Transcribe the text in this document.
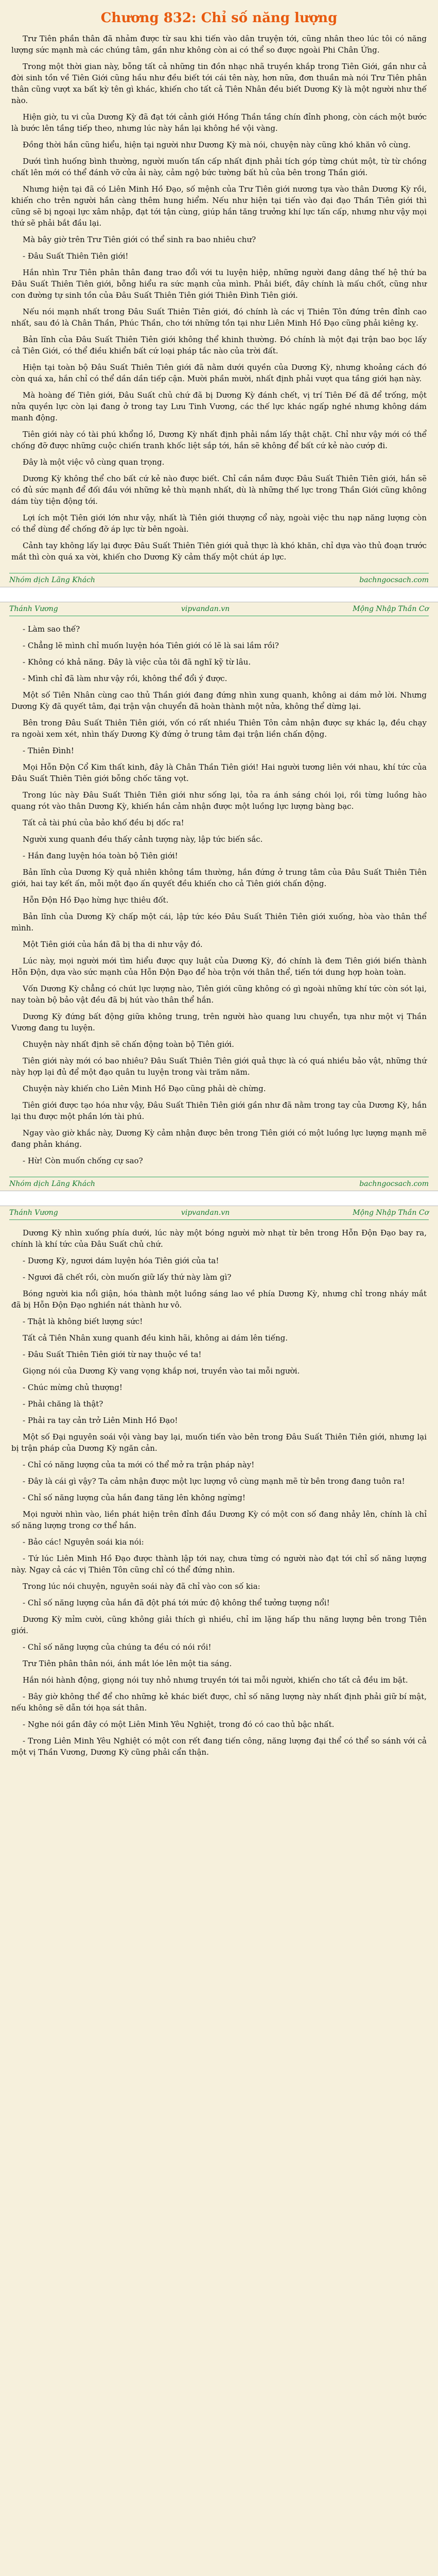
Chương 832: Chỉ số năng lượng

Trư Tiên phần thân đã nhảm được từ sau khi tiến vào dân truyện tới, cũng nhân theo lúc tôi có năng lượng sức mạnh mà các chúng tâm, gần như không còn ai có thể so được ngoài Phi Chân Ứng.

Trong một thời gian này, bỗng tất cả những tin đồn nhạc nhã truyền khắp trong Tiên Giới, gần như cả đời sinh tồn về Tiên Giới cũng hầu như đều biết tới cái tên này, hơn nữa, đơn thuần mà nói Trư Tiên phân thân cũng vượt xa bất kỳ tên gì khác, khiến cho tất cả Tiên Nhân đều biết Dương Kỳ là một người như thế nào.

Hiện giờ, tu vi của Dương Kỳ đã đạt tới cảnh giới Hồng Thần tầng chín đỉnh phong, còn cách một bước là bước lên tầng tiếp theo, nhưng lúc này hắn lại không hề vội vàng.

Đồng thời hắn cũng hiểu, hiện tại người như Dương Kỳ mà nói, chuyện này cũng khó khăn vô cùng.

Dưới tình huống bình thường, người muốn tấn cấp nhất định phải tích góp từng chút một, từ từ chồng chất lên mới có thể đánh vỡ cửa ải này, cảm ngộ bức tường bất hủ của bên trong Thần giới.

Nhưng hiện tại đã có Liên Minh Hồ Đạo, số mệnh của Trư Tiên giới nương tựa vào thân Dương Kỳ rồi, khiến cho trên người hắn càng thêm hung hiểm. Nếu như hiện tại tiến vào đại đạo Thần Tiên giới thì cũng sẽ bị ngoại lực xâm nhập, đạt tới tận cùng, giúp hắn tăng trưởng khí lực tấn cấp, nhưng như vậy mọi thứ sẽ phải bắt đầu lại.

Mà bây giờ trên Trư Tiên giới có thể sinh ra bao nhiêu chư?

- Đâu Suất Thiên Tiên giới!

Hắn nhìn Trư Tiên phân thân đang trao đổi với tu luyện hiệp, những người đang dâng thế hệ thứ ba Đâu Suất Thiên Tiên giới, bỗng hiểu ra sức mạnh của mình. Phải biết, đây chính là mấu chốt, cũng như con đường tự sinh tồn của Đâu Suất Thiên Tiên giới Thiên Đình Tiên giới.

Nếu nói mạnh nhất trong Đâu Suất Thiên Tiên giới, đó chính là các vị Thiên Tôn đứng trên đỉnh cao nhất, sau đó là Chân Thần, Phúc Thần, cho tới những tồn tại như Liên Minh Hồ Đạo cũng phải kiêng kỵ.

Bản lĩnh của Đâu Suất Thiên Tiên giới không thể khinh thường. Đó chính là một đại trận bao bọc lấy cả Tiên Giới, có thể điều khiển bất cứ loại pháp tắc nào của trời đất.

Hiện tại toàn bộ Đâu Suất Thiên Tiên giới đã nằm dưới quyền của Dương Kỳ, nhưng khoảng cách đó còn quá xa, hắn chỉ có thể dần dần tiếp cận. Mười phần mười, nhất định phải vượt qua tầng giới hạn này.

Mà hoàng đế Tiên giới, Đâu Suất chủ chứ đã bị Dương Kỳ đánh chết, vị trí Tiên Đế đã để trống, một nửa quyền lực còn lại đang ở trong tay Lưu Tinh Vương, các thế lực khác ngấp nghé nhưng không dám manh động.

Tiên giới này có tài phú khổng lồ, Dương Kỳ nhất định phải nắm lấy thật chặt. Chỉ như vậy mới có thể chống đỡ được những cuộc chiến tranh khốc liệt sắp tới, hắn sẽ không để bất cứ kẻ nào cướp đi.

Đây là một việc vô cùng quan trọng.

Dương Kỳ không thể cho bất cứ kẻ nào được biết. Chỉ cần nắm được Đâu Suất Thiên Tiên giới, hắn sẽ có đủ sức mạnh để đối đầu với những kẻ thù mạnh nhất, dù là những thế lực trong Thần Giới cũng không dám tùy tiện động tới.

Lợi ích một Tiên giới lớn như vậy, nhất là Tiên giới thượng cổ này, ngoài việc thu nạp năng lượng còn có thể dùng để chống đỡ áp lực từ bên ngoài.

Cảnh tay không lấy lại được Đâu Suất Thiên Tiên giới quả thực là khó khăn, chỉ dựa vào thủ đoạn trước mắt thì còn quá xa vời, khiến cho Dương Kỳ cảm thấy một chút áp lực.

Nhóm dịch Lãng Khách	bachngocsach.com
Thánh Vương	vipvandan.vn	Mộng Nhập Thần Cơ

- Làm sao thế?

- Chẳng lẽ mình chỉ muốn luyện hóa Tiên giới có lẽ là sai lầm rồi?

- Không có khả năng. Đây là việc của tôi đã nghĩ kỹ từ lâu.

- Mình chỉ đã làm như vậy rồi, không thể đổi ý được.

Một số Tiên Nhân cùng cao thủ Thần giới đang đứng nhìn xung quanh, không ai dám mở lời. Nhưng Dương Kỳ đã quyết tâm, đại trận vận chuyển đã hoàn thành một nửa, không thể dừng lại.

Bên trong Đâu Suất Thiên Tiên giới, vốn có rất nhiều Thiên Tôn cảm nhận được sự khác lạ, đều chạy ra ngoài xem xét, nhìn thấy Dương Kỳ đứng ở trung tâm đại trận liền chấn động.

- Thiên Đình!

Mọi Hỗn Độn Cổ Kim thất kinh, đây là Chân Thần Tiên giới! Hai người tương liên với nhau, khí tức của Đâu Suất Thiên Tiên giới bỗng chốc tăng vọt.

Trong lúc này Đâu Suất Thiên Tiên giới như sống lại, tỏa ra ánh sáng chói lọi, rồi từng luồng hào quang rót vào thân Dương Kỳ, khiến hắn cảm nhận được một luồng lực lượng bàng bạc.

Tất cả tài phú của bảo khố đều bị dốc ra!

Người xung quanh đều thấy cảnh tượng này, lập tức biến sắc.

- Hắn đang luyện hóa toàn bộ Tiên giới!

Bản lĩnh của Dương Kỳ quả nhiên không tầm thường, hắn đứng ở trung tâm của Đâu Suất Thiên Tiên giới, hai tay kết ấn, mỗi một đạo ấn quyết đều khiến cho cả Tiên giới chấn động.

Hỗn Độn Hồ Đạo hừng hực thiêu đốt.

Bản lĩnh của Dương Kỳ chấp một cái, lập tức kéo Đâu Suất Thiên Tiên giới xuống, hòa vào thân thể mình.

Một Tiên giới của hắn đã bị tha di như vậy đó.

Lúc này, mọi người mới tìm hiểu được quy luật của Dương Kỳ, đó chính là đem Tiên giới biến thành Hỗn Độn, dựa vào sức mạnh của Hỗn Độn Đạo để hòa trộn với thân thể, tiến tới dung hợp hoàn toàn.

Vốn Dương Kỳ chẳng có chút lực lượng nào, Tiên giới cũng không có gì ngoài những khí tức còn sót lại, nay toàn bộ bảo vật đều đã bị hút vào thân thể hắn.

Dương Kỳ đứng bất động giữa không trung, trên người hào quang lưu chuyển, tựa như một vị Thần Vương đang tu luyện.

Chuyện này nhất định sẽ chấn động toàn bộ Tiên giới.

Tiên giới này mới có bao nhiêu? Đâu Suất Thiên Tiên giới quả thực là có quá nhiều bảo vật, những thứ này hợp lại đủ để một đạo quân tu luyện trong vài trăm năm.

Chuyện này khiến cho Liên Minh Hồ Đạo cũng phải dè chừng.

Tiên giới được tạo hóa như vậy, Đâu Suất Thiên Tiên giới gần như đã nằm trong tay của Dương Kỳ, hắn lại thu được một phần lớn tài phú.

Ngay vào giờ khắc này, Dương Kỳ cảm nhận được bên trong Tiên giới có một luồng lực lượng mạnh mẽ đang phản kháng.

- Hừ! Còn muốn chống cự sao?

Nhóm dịch Lãng Khách	bachngocsach.com
Thánh Vương	vipvandan.vn	Mộng Nhập Thần Cơ

Dương Kỳ nhìn xuống phía dưới, lúc này một bóng người mờ nhạt từ bên trong Hỗn Độn Đạo bay ra, chính là khí tức của Đâu Suất chủ chứ.

- Dương Kỳ, ngươi dám luyện hóa Tiên giới của ta!

- Ngươi đã chết rồi, còn muốn giữ lấy thứ này làm gì?

Bóng người kia nổi giận, hóa thành một luồng sáng lao về phía Dương Kỳ, nhưng chỉ trong nháy mắt đã bị Hỗn Độn Đạo nghiền nát thành hư vô.

- Thật là không biết lượng sức!

Tất cả Tiên Nhân xung quanh đều kinh hãi, không ai dám lên tiếng.

- Đâu Suất Thiên Tiên giới từ nay thuộc về ta!

Giọng nói của Dương Kỳ vang vọng khắp nơi, truyền vào tai mỗi người.

- Chúc mừng chủ thượng!

- Phải chăng là thật?

- Phải ra tay cản trở Liên Minh Hồ Đạo!

Một số Đại nguyên soái vội vàng bay lại, muốn tiến vào bên trong Đâu Suất Thiên Tiên giới, nhưng lại bị trận pháp của Dương Kỳ ngăn cản.

- Chỉ có năng lượng của ta mới có thể mở ra trận pháp này!

- Đây là cái gì vậy? Ta cảm nhận được một lực lượng vô cùng mạnh mẽ từ bên trong đang tuôn ra!

- Chỉ số năng lượng của hắn đang tăng lên không ngừng!

Mọi người nhìn vào, liền phát hiện trên đỉnh đầu Dương Kỳ có một con số đang nhảy lên, chính là chỉ số năng lượng trong cơ thể hắn.

- Bảo các! Nguyên soái kia nói:

- Tứ lúc Liên Minh Hồ Đạo được thành lập tới nay, chưa từng có người nào đạt tới chỉ số năng lượng này. Ngay cả các vị Thiên Tôn cũng chỉ có thể đứng nhìn.

Trong lúc nói chuyện, nguyên soái này đã chỉ vào con số kia:

- Chỉ số năng lượng của hắn đã đột phá tới mức độ không thể tưởng tượng nổi!

Dương Kỳ mỉm cười, cũng không giải thích gì nhiều, chỉ im lặng hấp thu năng lượng bên trong Tiên giới.

- Chỉ số năng lượng của chúng ta đều có nói rồi!

Trư Tiên phân thân nói, ánh mắt lóe lên một tia sáng.

Hắn nói hành động, giọng nói tuy nhỏ nhưng truyền tới tai mỗi người, khiến cho tất cả đều im bặt.

- Bây giờ không thể để cho những kẻ khác biết được, chỉ số năng lượng này nhất định phải giữ bí mật, nếu không sẽ dẫn tới họa sát thân.

- Nghe nói gần đây có một Liên Minh Yêu Nghiệt, trong đó có cao thủ bậc nhất.

- Trong Liên Minh Yêu Nghiệt có một con rết đang tiến công, năng lượng đại thể có thể so sánh với cả một vị Thần Vương, Dương Kỳ cũng phải cẩn thận.
